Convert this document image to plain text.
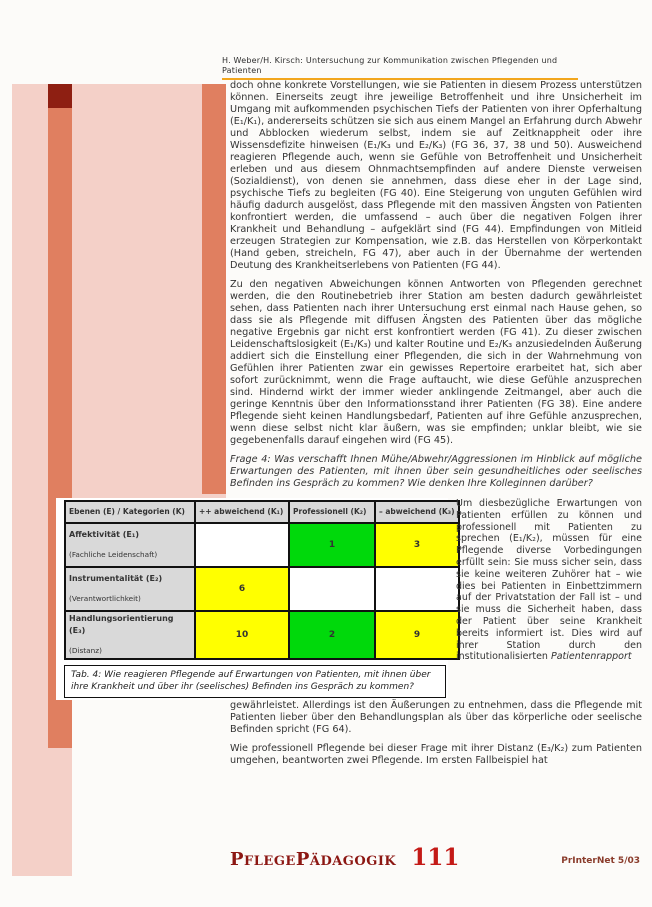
H. Weber/H. Kirsch: Untersuchung zur Kommunikation zwischen Pflegenden und Patienten

doch ohne konkrete Vorstellungen, wie sie Patienten in diesem Prozess unterstützen können. Einerseits zeugt ihre jeweilige Betroffenheit und ihre Unsicherheit im Umgang mit aufkommenden psychischen Tiefs der Patienten von ihrer Opferhaltung (E₁/K₁), andererseits schützen sie sich aus einem Mangel an Erfahrung durch Abwehr und Abblocken wiederum selbst, indem sie auf Zeitknappheit oder ihre Wissensdefizite hinweisen (E₁/K₃ und E₂/K₃) (FG 36, 37, 38 und 50). Ausweichend reagieren Pflegende auch, wenn sie Gefühle von Betroffenheit und Unsicherheit erleben und aus diesem Ohnmachtsempfinden auf andere Dienste verweisen (Sozialdienst), von denen sie annehmen, dass diese eher in der Lage sind, psychische Tiefs zu begleiten (FG 40). Eine Steigerung von unguten Gefühlen wird häufig dadurch ausgelöst, dass Pflegende mit den massiven Ängsten von Patienten konfrontiert werden, die umfassend – auch über die negativen Folgen ihrer Krankheit und Behandlung – aufgeklärt sind (FG 44). Empfindungen von Mitleid erzeugen Strategien zur Kompensation, wie z.B. das Herstellen von Körperkontakt (Hand geben, streicheln, FG 47), aber auch in der Übernahme der wertenden Deutung des Krankheitserlebens von Patienten (FG 44).

Zu den negativen Abweichungen können Antworten von Pflegenden gerechnet werden, die den Routinebetrieb ihrer Station am besten dadurch gewährleistet sehen, dass Patienten nach ihrer Untersuchung erst einmal nach Hause gehen, so dass sie als Pflegende mit diffusen Ängsten des Patienten über das mögliche negative Ergebnis gar nicht erst konfrontiert werden (FG 41). Zu dieser zwischen Leidenschaftslosigkeit (E₁/K₃) und kalter Routine und E₂/K₃ anzusiedelnden Äußerung addiert sich die Einstellung einer Pflegenden, die sich in der Wahrnehmung von Gefühlen ihrer Patienten zwar ein gewisses Repertoire erarbeitet hat, sich aber sofort zurücknimmt, wenn die Frage auftaucht, wie diese Gefühle anzusprechen sind. Hindernd wirkt der immer wieder anklingende Zeitmangel, aber auch die geringe Kenntnis über den Informationsstand ihrer Patienten (FG 38). Eine andere Pflegende sieht keinen Handlungsbedarf, Patienten auf ihre Gefühle anzusprechen, wenn diese selbst nicht klar äußern, was sie empfinden; unklar bleibt, wie sie gegebenenfalls darauf eingehen wird (FG 45).

Frage 4: Was verschafft Ihnen Mühe/Abwehr/Aggressionen im Hinblick auf mögliche Erwartungen des Patienten, mit ihnen über sein gesundheitliches oder seelisches Befinden ins Gespräch zu kommen? Wie denken Ihre Kolleginnen darüber?

Ebenen (E) / Kategorien (K)	++ abweichend (K₁)	Professionell (K₂)	– abweichend (K₃)

Affektivität (E₁)
(Fachliche Leidenschaft)		1	3

Instrumentalität (E₂)
(Verantwortlichkeit)	6		

Handlungsorientierung (E₃)
(Distanz)	10	2	9
Tab. 4: Wie reagieren Pflegende auf Erwartungen von Patienten, mit ihnen über ihre Krankheit und über ihr (seelisches) Befinden ins Gespräch zu kommen?
Um diesbezügliche Erwartungen von Patienten erfüllen zu können und professionell mit Patienten zu sprechen (E₁/K₂), müssen für eine Pflegende diverse Vorbedingungen erfüllt sein: Sie muss sicher sein, dass sie keine weiteren Zuhörer hat – wie dies bei Patienten in Einbettzimmern auf der Privatstation der Fall ist – und sie muss die Sicherheit haben, dass der Patient über seine Krankheit bereits informiert ist. Dies wird auf ihrer Station durch den institutionalisierten Patientenrapport

gewährleistet. Allerdings ist den Äußerungen zu entnehmen, dass die Pflegende mit Patienten lieber über den Behandlungsplan als über das körperliche oder seelische Befinden spricht (FG 64).

Wie professionell Pflegende bei dieser Frage mit ihrer Distanz (E₃/K₂) zum Patienten umgehen, beantworten zwei Pflegende. Im ersten Fallbeispiel hat

PflegePädagogik 111	PrInterNet 5/03
